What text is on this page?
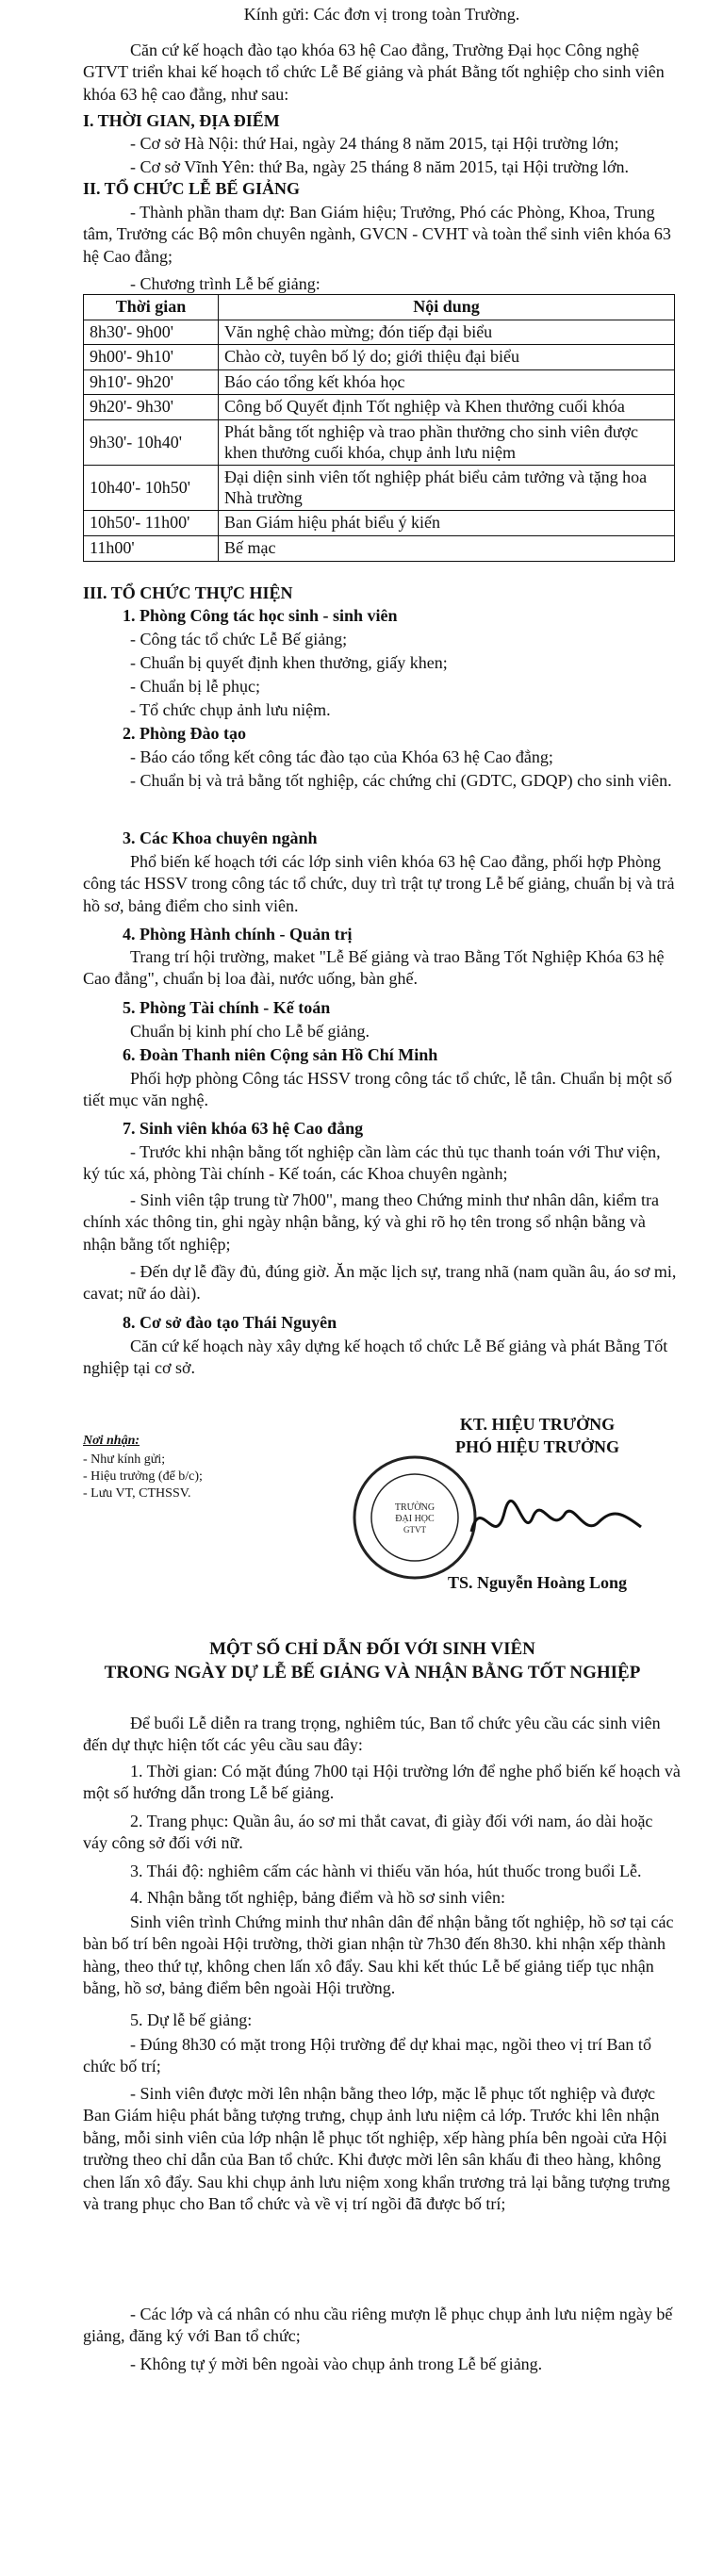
Kính gửi: Các đơn vị trong toàn Trường.

Căn cứ kế hoạch đào tạo khóa 63 hệ Cao đẳng, Trường Đại học Công nghệ GTVT triển khai kế hoạch tổ chức Lễ Bế giảng và phát Bằng tốt nghiệp cho sinh viên khóa 63 hệ cao đẳng, như sau:

I. THỜI GIAN, ĐỊA ĐIỂM

- Cơ sở Hà Nội: thứ Hai, ngày 24 tháng 8 năm 2015, tại Hội trường lớn;

- Cơ sở Vĩnh Yên: thứ Ba, ngày 25 tháng 8 năm 2015, tại Hội trường lớn.

II. TỔ CHỨC LỄ BẾ GIẢNG

- Thành phần tham dự: Ban Giám hiệu; Trưởng, Phó các Phòng, Khoa, Trung tâm, Trưởng các Bộ môn chuyên ngành, GVCN - CVHT và toàn thể sinh viên khóa 63 hệ Cao đẳng;

- Chương trình Lễ bế giảng:

Thời gian	Nội dung
8h30'- 9h00'	Văn nghệ chào mừng; đón tiếp đại biểu
9h00'- 9h10'	Chào cờ, tuyên bố lý do; giới thiệu đại biểu
9h10'- 9h20'	Báo cáo tổng kết khóa học
9h20'- 9h30'	Công bố Quyết định Tốt nghiệp và Khen thưởng cuối khóa
9h30'- 10h40'	Phát bằng tốt nghiệp và trao phần thưởng cho sinh viên được khen thưởng cuối khóa, chụp ảnh lưu niệm
10h40'- 10h50'	Đại diện sinh viên tốt nghiệp phát biểu cảm tưởng và tặng hoa Nhà trường
10h50'- 11h00'	Ban Giám hiệu phát biểu ý kiến
11h00'	Bế mạc

III. TỔ CHỨC THỰC HIỆN

1. Phòng Công tác học sinh - sinh viên

- Công tác tổ chức Lễ Bế giảng;

- Chuẩn bị quyết định khen thưởng, giấy khen;

- Chuẩn bị lễ phục;

- Tổ chức chụp ảnh lưu niệm.

2. Phòng Đào tạo

- Báo cáo tổng kết công tác đào tạo của Khóa 63 hệ Cao đẳng;

- Chuẩn bị và trả bằng tốt nghiệp, các chứng chỉ (GDTC, GDQP) cho sinh viên.

3. Các Khoa chuyên ngành

Phổ biến kế hoạch tới các lớp sinh viên khóa 63 hệ Cao đẳng, phối hợp Phòng công tác HSSV trong công tác tổ chức, duy trì trật tự trong Lễ bế giảng, chuẩn bị và trả hồ sơ, bảng điểm cho sinh viên.

4. Phòng Hành chính - Quản trị

Trang trí hội trường, maket "Lễ Bế giảng và trao Bằng Tốt Nghiệp Khóa 63 hệ Cao đẳng", chuẩn bị loa đài, nước uống, bàn ghế.

5. Phòng Tài chính - Kế toán

Chuẩn bị kinh phí cho Lễ bế giảng.

6. Đoàn Thanh niên Cộng sản Hồ Chí Minh

Phối hợp phòng Công tác HSSV trong công tác tổ chức, lễ tân. Chuẩn bị một số tiết mục văn nghệ.

7. Sinh viên khóa 63 hệ Cao đẳng

- Trước khi nhận bằng tốt nghiệp cần làm các thủ tục thanh toán với Thư viện, ký túc xá, phòng Tài chính - Kế toán, các Khoa chuyên ngành;

- Sinh viên tập trung từ 7h00", mang theo Chứng minh thư nhân dân, kiểm tra chính xác thông tin, ghi ngày nhận bằng, ký và ghi rõ họ tên trong sổ nhận bằng và nhận bằng tốt nghiệp;

- Đến dự lễ đầy đủ, đúng giờ. Ăn mặc lịch sự, trang nhã (nam quần âu, áo sơ mi, cavat; nữ áo dài).

8. Cơ sở đào tạo Thái Nguyên

Căn cứ kế hoạch này xây dựng kế hoạch tổ chức Lễ Bế giảng và phát Bằng Tốt nghiệp tại cơ sở.

Nơi nhận:

- Như kính gửi;

- Hiệu trưởng (để b/c);

- Lưu VT, CTHSSV.

KT. HIỆU TRƯỞNG

PHÓ HIỆU TRƯỞNG

TRƯỜNG
ĐẠI HỌC
GTVT

TS. Nguyễn Hoàng Long

MỘT SỐ CHỈ DẪN ĐỐI VỚI SINH VIÊN

TRONG NGÀY DỰ LỄ BẾ GIẢNG VÀ NHẬN BẰNG TỐT NGHIỆP

Để buổi Lễ diễn ra trang trọng, nghiêm túc, Ban tổ chức yêu cầu các sinh viên đến dự thực hiện tốt các yêu cầu sau đây:

1. Thời gian: Có mặt đúng 7h00 tại Hội trường lớn để nghe phổ biến kế hoạch và một số hướng dẫn trong Lễ bế giảng.

2. Trang phục: Quần âu, áo sơ mi thắt cavat, đi giày đối với nam, áo dài hoặc váy công sở đối với nữ.

3. Thái độ: nghiêm cấm các hành vi thiếu văn hóa, hút thuốc trong buổi Lễ.

4. Nhận bằng tốt nghiệp, bảng điểm và hồ sơ sinh viên:

Sinh viên trình Chứng minh thư nhân dân để nhận bằng tốt nghiệp, hồ sơ tại các bàn bố trí bên ngoài Hội trường, thời gian nhận từ 7h30 đến 8h30. khi nhận xếp thành hàng, theo thứ tự, không chen lấn xô đẩy. Sau khi kết thúc Lễ bế giảng tiếp tục nhận bằng, hồ sơ, bảng điểm bên ngoài Hội trường.

5. Dự lễ bế giảng:

- Đúng 8h30 có mặt trong Hội trường để dự khai mạc, ngồi theo vị trí Ban tổ chức bố trí;

- Sinh viên được mời lên nhận bằng theo lớp, mặc lễ phục tốt nghiệp và được Ban Giám hiệu phát bằng tượng trưng, chụp ảnh lưu niệm cả lớp. Trước khi lên nhận bằng, mỗi sinh viên của lớp nhận lễ phục tốt nghiệp, xếp hàng phía bên ngoài cửa Hội trường theo chỉ dẫn của Ban tổ chức. Khi được mời lên sân khấu đi theo hàng, không chen lấn xô đẩy. Sau khi chụp ảnh lưu niệm xong khẩn trương trả lại bằng tượng trưng và trang phục cho Ban tổ chức và về vị trí ngồi đã được bố trí;

- Các lớp và cá nhân có nhu cầu riêng mượn lễ phục chụp ảnh lưu niệm ngày bế giảng, đăng ký với Ban tổ chức;

- Không tự ý mời bên ngoài vào chụp ảnh trong Lễ bế giảng.
